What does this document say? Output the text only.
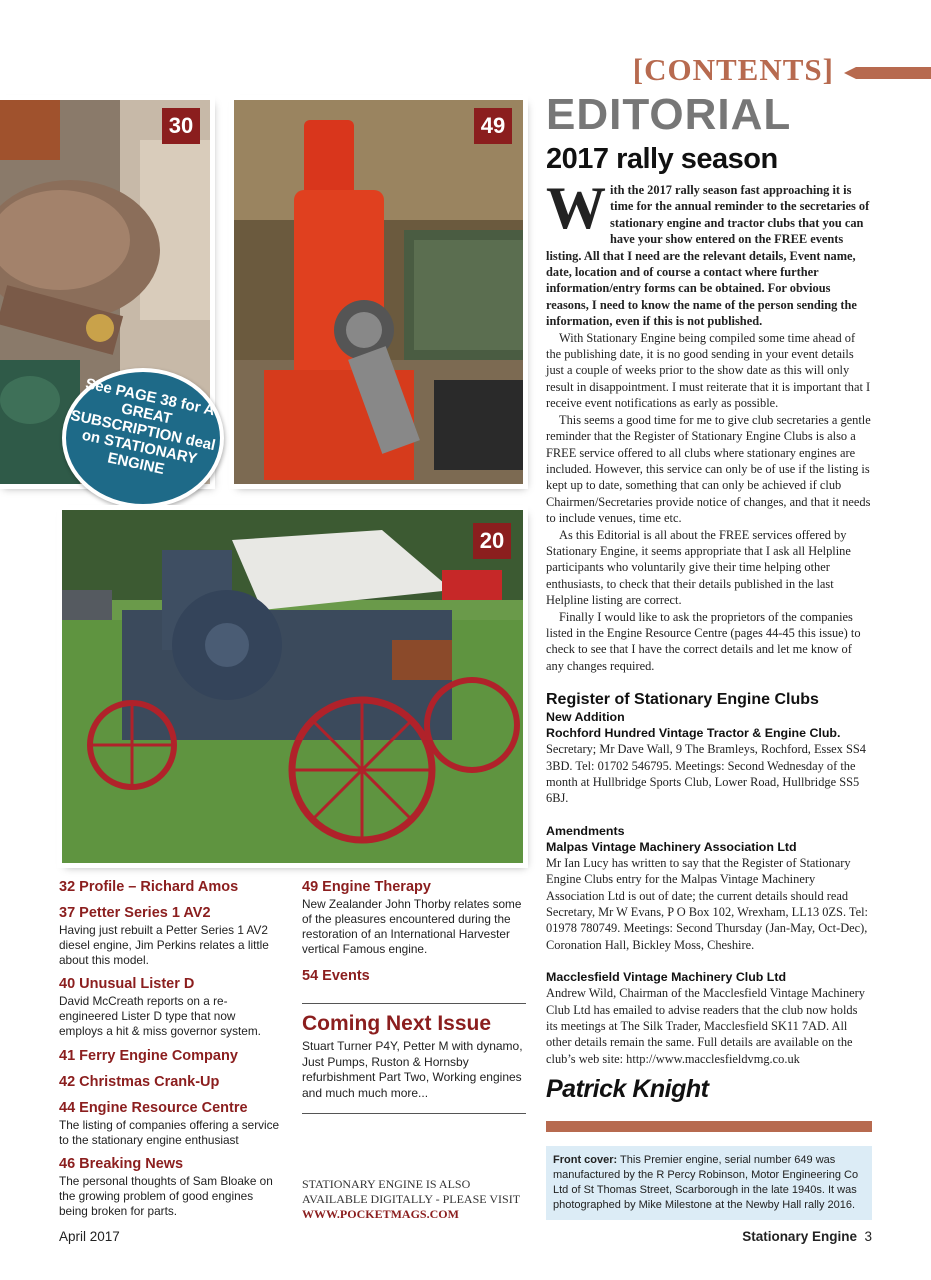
[CONTENTS]
EDITORIAL
2017 rally season
30	49
See PAGE 38 for A GREAT SUBSCRIPTION deal on STATIONARY ENGINE
20
With the 2017 rally season fast approaching it is time for the annual reminder to the secretaries of stationary engine and tractor clubs that you can have your show entered on the FREE events listing. All that I need are the relevant details, Event name, date, location and of course a contact where further information/entry forms can be obtained. For obvious reasons, I need to know the name of the person sending the information, even if this is not published.

With Stationary Engine being compiled some time ahead of the publishing date, it is no good sending in your event details just a couple of weeks prior to the show date as this will only result in disappointment. I must reiterate that it is important that I receive event notifications as early as possible.

This seems a good time for me to give club secretaries a gentle reminder that the Register of Stationary Engine Clubs is also a FREE service offered to all clubs where stationary engines are included. However, this service can only be of use if the listing is kept up to date, something that can only be achieved if club Chairmen/Secretaries provide notice of changes, and that it needs to include venues, time etc.

As this Editorial is all about the FREE services offered by Stationary Engine, it seems appropriate that I ask all Helpline participants who voluntarily give their time helping other enthusiasts, to check that their details published in the last Helpline listing are correct.

Finally I would like to ask the proprietors of the companies listed in the Engine Resource Centre (pages 44-45 this issue) to check to see that I have the correct details and let me know of any changes required.

Register of Stationary Engine Clubs
New Addition
Rochford Hundred Vintage Tractor & Engine Club.

Secretary; Mr Dave Wall, 9 The Bramleys, Rochford, Essex SS4 3BD. Tel: 01702 546795. Meetings: Second Wednesday of the month at Hullbridge Sports Club, Lower Road, Hullbridge SS5 6BJ.

Amendments
Malpas Vintage Machinery Association Ltd

Mr Ian Lucy has written to say that the Register of Stationary Engine Clubs entry for the Malpas Vintage Machinery Association Ltd is out of date; the current details should read Secretary, Mr W Evans, P O Box 102, Wrexham, LL13 0ZS. Tel: 01978 780749. Meetings: Second Thursday (Jan-May, Oct-Dec), Coronation Hall, Bickley Moss, Cheshire.

Macclesfield Vintage Machinery Club Ltd

Andrew Wild, Chairman of the Macclesfield Vintage Machinery Club Ltd has emailed to advise readers that the club now holds its meetings at The Silk Trader, Macclesfield SK11 7AD. All other details remain the same. Full details are available on the club’s web site: http://www.macclesfieldvmg.co.uk

Patrick Knight
Front cover: This Premier engine, serial number 649 was manufactured by the R Percy Robinson, Motor Engineering Co Ltd of St Thomas Street, Scarborough in the late 1940s. It was photographed by Mike Milestone at the Newby Hall rally 2016.
32 Profile – Richard Amos
37 Petter Series 1 AV2
Having just rebuilt a Petter Series 1 AV2 diesel engine, Jim Perkins relates a little about this model.
40 Unusual Lister D
David McCreath reports on a re-engineered Lister D type that now employs a hit & miss governor system.
41 Ferry Engine Company
42 Christmas Crank-Up
44 Engine Resource Centre
The listing of companies offering a service to the stationary engine enthusiast
46 Breaking News
The personal thoughts of Sam Bloake on the growing problem of good engines being broken for parts.
49 Engine Therapy
New Zealander John Thorby relates some of the pleasures encountered during the restoration of an International Harvester vertical Famous engine.
54 Events
Coming Next Issue
Stuart Turner P4Y, Petter M with dynamo, Just Pumps, Ruston & Hornsby refurbishment Part Two, Working engines and much much more...
STATIONARY ENGINE IS ALSO
AVAILABLE DIGITALLY - PLEASE VISIT
WWW.POCKETMAGS.COM
April 2017	Stationary Engine 3
